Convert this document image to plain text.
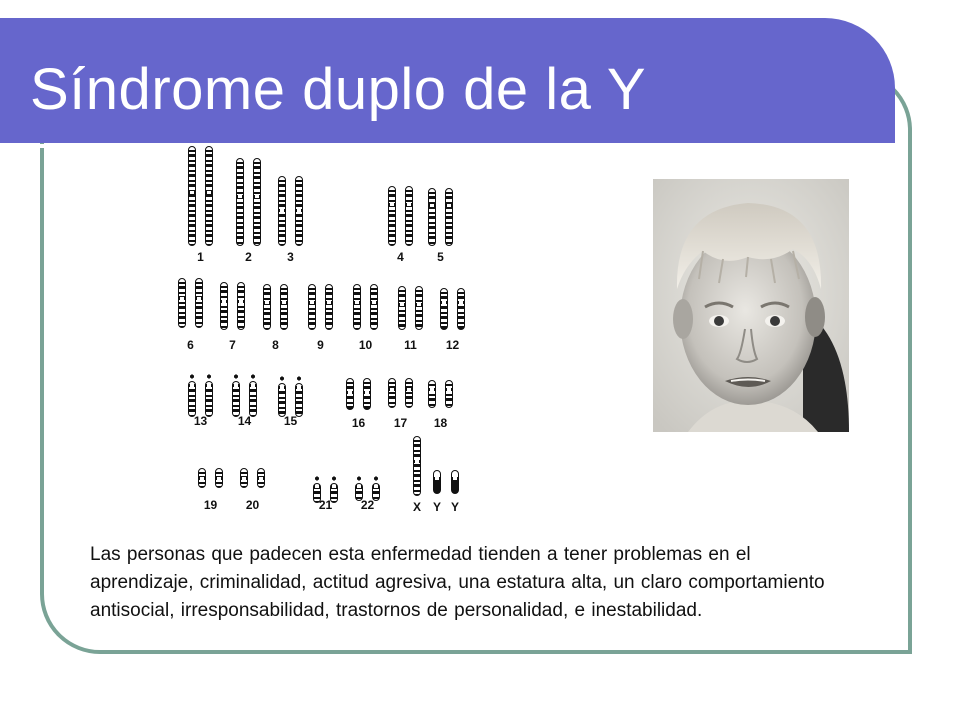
Síndrome duplo de la Y
1	2	3	4	5
6	7	8	9	10	11	12
13	14	15	16	17	18
19	20	21	22	X Y Y

Las personas que padecen esta enfermedad tienden a tener problemas en el aprendizaje, criminalidad, actitud agresiva, una estatura alta, un claro comportamiento antisocial, irresponsabilidad, trastornos de personalidad, e inestabilidad.
